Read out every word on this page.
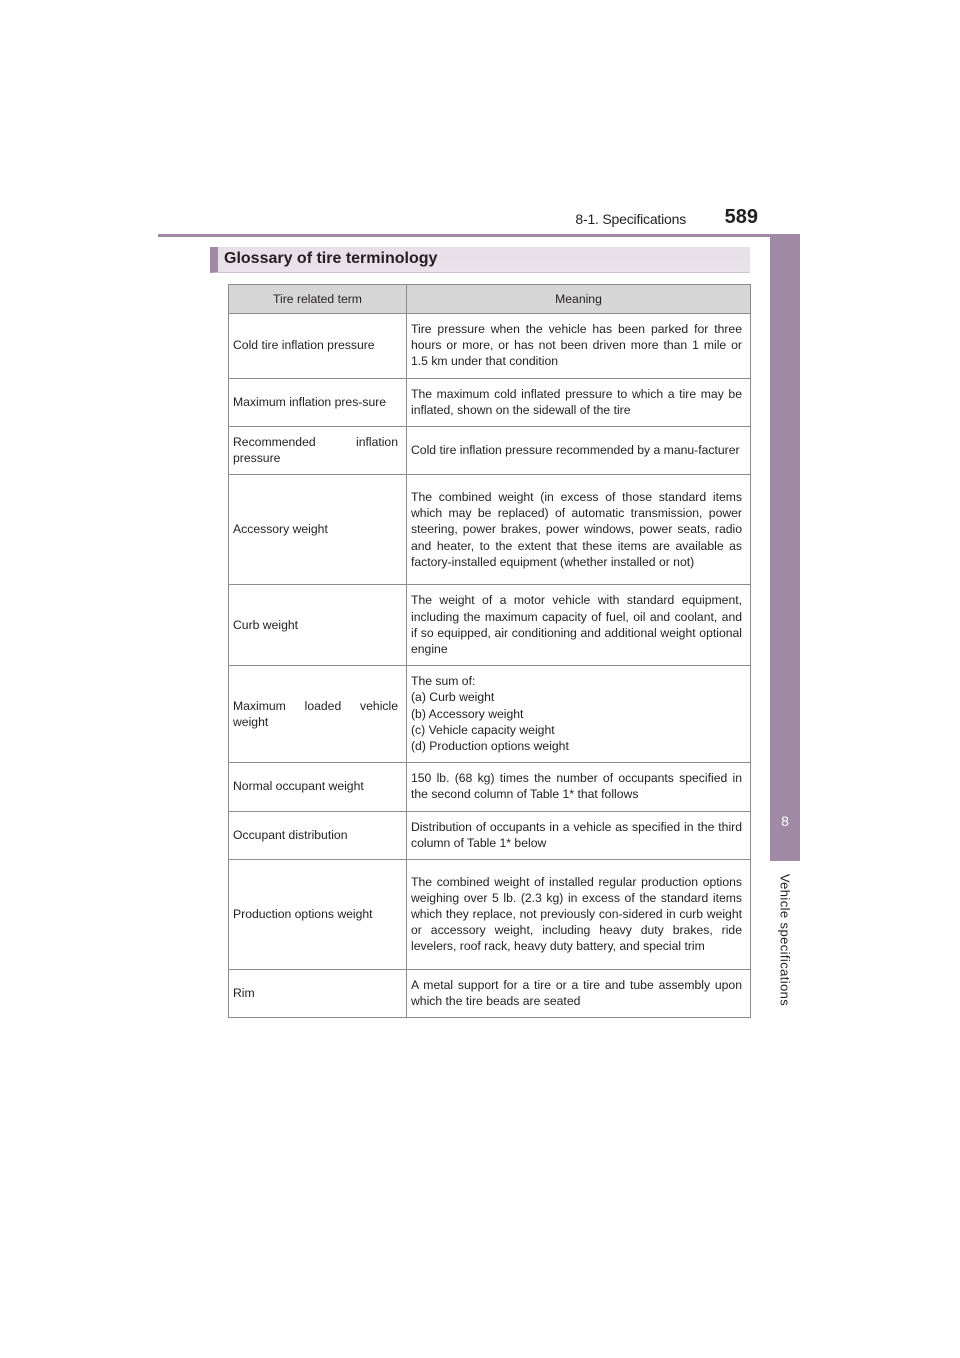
8-1. Specifications 589
8
Vehicle specifications
Glossary of tire terminology
Tire related term	Meaning
Cold tire inflation pressure	Tire pressure when the vehicle has been parked for three hours or more, or has not been driven more than 1 mile or 1.5 km under that condition
Maximum inflation pres-sure	The maximum cold inflated pressure to which a tire may be inflated, shown on the sidewall of the tire
Recommended inflation pressure	Cold tire inflation pressure recommended by a manu-facturer
Accessory weight	The combined weight (in excess of those standard items which may be replaced) of automatic transmission, power steering, power brakes, power windows, power seats, radio and heater, to the extent that these items are available as factory-installed equipment (whether installed or not)
Curb weight	The weight of a motor vehicle with standard equipment, including the maximum capacity of fuel, oil and coolant, and if so equipped, air conditioning and additional weight optional engine
Maximum loaded vehicle weight	The sum of:
(a) Curb weight
(b) Accessory weight
(c) Vehicle capacity weight
(d) Production options weight
Normal occupant weight	150 lb. (68 kg) times the number of occupants specified in the second column of Table 1* that follows
Occupant distribution	Distribution of occupants in a vehicle as specified in the third column of Table 1* below
Production options weight	The combined weight of installed regular production options weighing over 5 lb. (2.3 kg) in excess of the standard items which they replace, not previously con-sidered in curb weight or accessory weight, including heavy duty brakes, ride levelers, roof rack, heavy duty battery, and special trim
Rim	A metal support for a tire or a tire and tube assembly upon which the tire beads are seated
